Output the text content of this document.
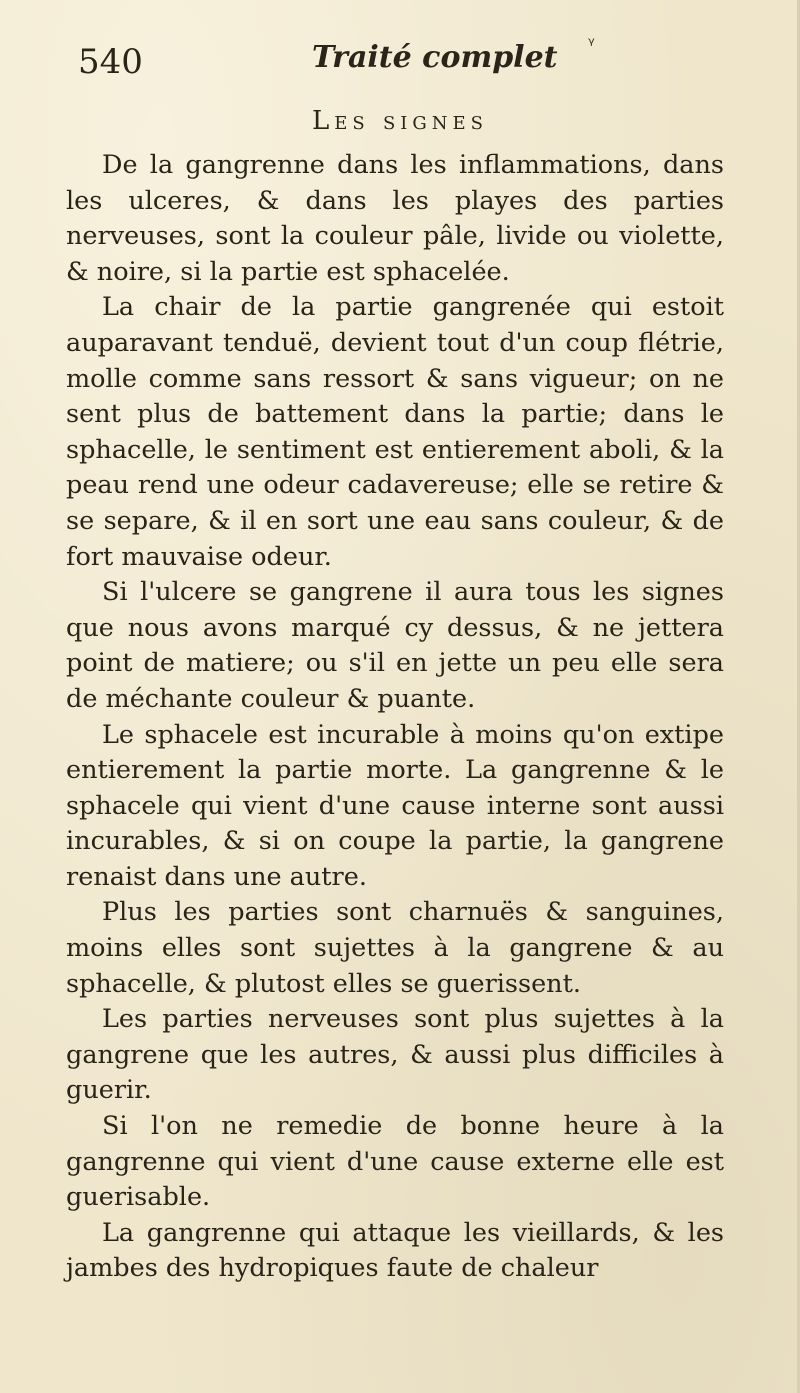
540	Traité complet ᵞ
Les signes

De la gangrenne dans les inflammations, dans les ulceres, & dans les playes des parties nerveuses, sont la couleur pâle, livide ou violette, & noire, si la partie est sphacelée.

La chair de la partie gangrenée qui estoit auparavant tenduë, devient tout d'un coup flétrie, molle comme sans ressort & sans vigueur; on ne sent plus de battement dans la partie; dans le sphacelle, le sentiment est entierement aboli, & la peau rend une odeur cadavereuse; elle se retire & se separe, & il en sort une eau sans couleur, & de fort mauvaise odeur.

Si l'ulcere se gangrene il aura tous les signes que nous avons marqué cy dessus, & ne jettera point de matiere; ou s'il en jette un peu elle sera de méchante couleur & puante.

Le sphacele est incurable à moins qu'on extipe entierement la partie morte. La gangrenne & le sphacele qui vient d'une cause interne sont aussi incurables, & si on coupe la partie, la gangrene renaist dans une autre.

Plus les parties sont charnuës & sanguines, moins elles sont sujettes à la gangrene & au sphacelle, & plutost elles se guerissent.

Les parties nerveuses sont plus sujettes à la gangrene que les autres, & aussi plus difficiles à guerir.

Si l'on ne remedie de bonne heure à la gangrenne qui vient d'une cause externe elle est guerisable.

La gangrenne qui attaque les vieillards, & les jambes des hydropiques faute de chaleur
